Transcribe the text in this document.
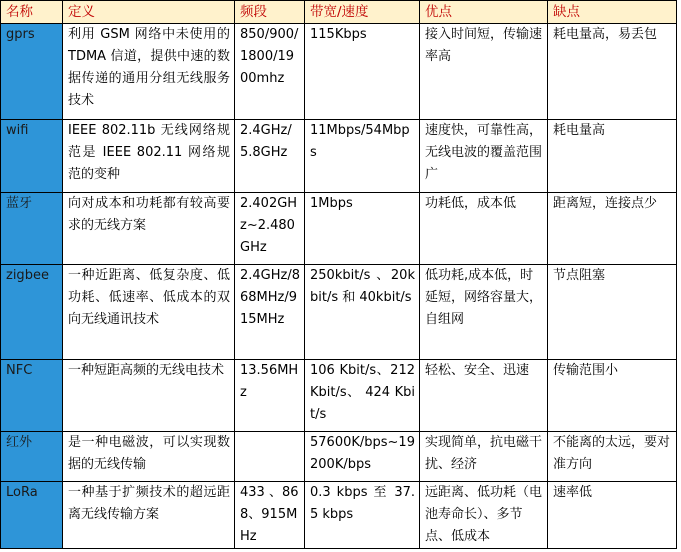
名称	定义	频段	带宽/速度	优点	缺点
gprs	利用 GSM 网络中未使用的 TDMA 信道，提供中速的数据传递的通用分组无线服务技术	850/900/1800/1900mhz	115Kbps	接入时间短，传输速率高	耗电量高，易丢包
wifi	IEEE 802.11b 无线网络规范是 IEEE 802.11 网络规范的变种	2.4GHz/5.8GHz	11Mbps/54Mbps	速度快，可靠性高，无线电波的覆盖范围广	耗电量高
蓝牙	向对成本和功耗都有较高要求的无线方案	2.402GHz~2.480GHz	1Mbps	功耗低，成本低	距离短，连接点少
zigbee	一种近距离、低复杂度、低功耗、低速率、低成本的双向无线通讯技术	2.4GHz/868MHz/915MHz	250kbit/s 、20kbit/s 和 40kbit/s	低功耗,成本低，时延短，网络容量大，自组网	节点阻塞
NFC	一种短距高频的无线电技术	13.56MHz	106 Kbit/s、212 Kbit/s、 424 Kbit/s	轻松、安全、迅速	传输范围小
红外	是一种电磁波，可以实现数据的无线传输		57600K/bps~19200K/bps	实现简单，抗电磁干扰、经济	不能离的太远，要对准方向
LoRa	一种基于扩频技术的超远距离无线传输方案	433 、868、915MHz	0.3 kbps 至 37.5 kbps	远距离、低功耗（电池寿命长）、多节点、低成本	速率低
